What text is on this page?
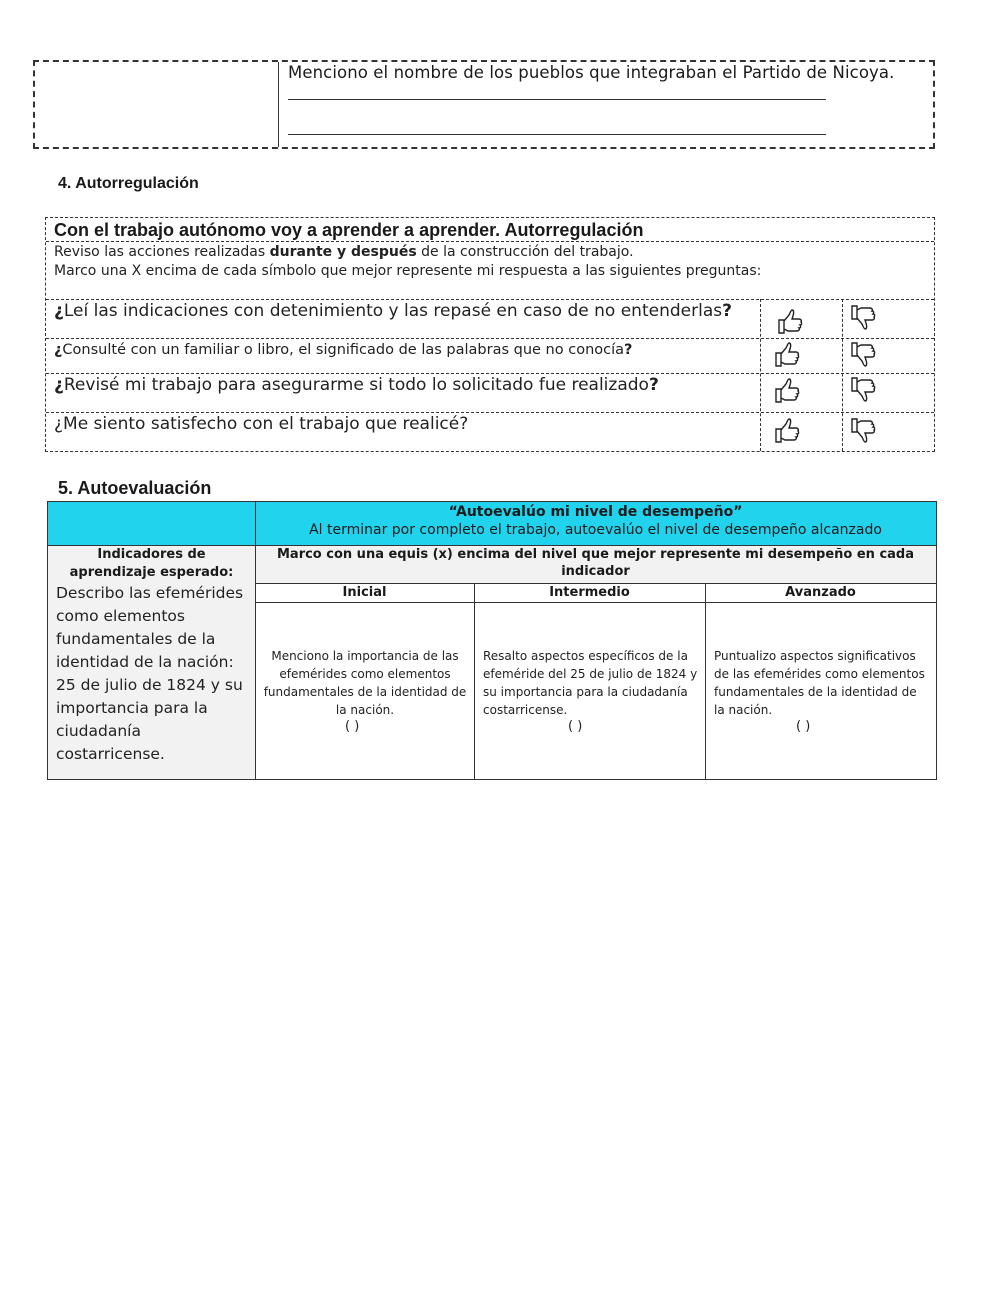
Menciono el nombre de los pueblos que integraban el Partido de Nicoya.
4. Autorregulación
Con el trabajo autónomo voy a aprender a aprender. Autorregulación
Reviso las acciones realizadas durante y después de la construcción del trabajo.
Marco una X encima de cada símbolo que mejor represente mi respuesta a las siguientes preguntas:
¿Leí las indicaciones con detenimiento y las repasé en caso de no entenderlas?
¿Consulté con un familiar o libro, el significado de las palabras que no conocía?
¿Revisé mi trabajo para asegurarme si todo lo solicitado fue realizado?
¿Me siento satisfecho con el trabajo que realicé?
5. Autoevaluación
“Autoevalúo mi nivel de desempeño”
Al terminar por completo el trabajo, autoevalúo el nivel de desempeño alcanzado
Indicadores de aprendizaje esperado:
Describo las efemérides como elementos fundamentales de la identidad de la nación: 25 de julio de 1824 y su importancia para la ciudadanía costarricense.
Marco con una equis (x) encima del nivel que mejor represente mi desempeño en cada indicador
Inicial	Intermedio	Avanzado
Menciono la importancia de las efemérides como elementos fundamentales de la identidad de la nación.
( )
Resalto aspectos específicos de la efeméride del 25 de julio de 1824 y su importancia para la ciudadanía costarricense.
( )
Puntualizo aspectos significativos de las efemérides como elementos fundamentales de la identidad de la nación.
( )
